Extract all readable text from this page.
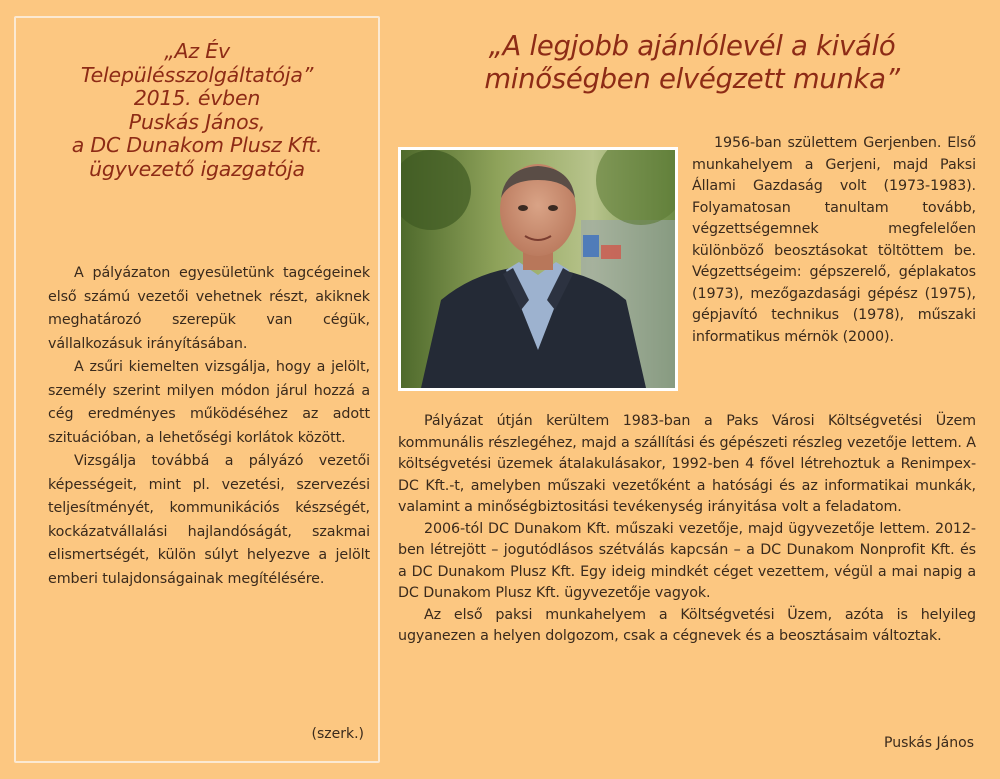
„Az Év
Településszolgáltatója”
2015. évben
Puskás János,
a DC Dunakom Plusz Kft.
ügyvezető igazgatója

A pályázaton egyesületünk tagcégeinek első számú vezetői vehetnek részt, akiknek meghatározó szerepük van cégük, vállalkozásuk irányításában.

A zsűri kiemelten vizsgálja, hogy a jelölt, személy szerint milyen módon járul hozzá a cég eredményes működéséhez az adott szituációban, a lehetőségi korlátok között.

Vizsgálja továbbá a pályázó vezetői képességeit, mint pl. vezetési, szervezési teljesítményét, kommunikációs készségét, kockázatvállalási hajlandóságát, szakmai elismertségét, külön súlyt helyezve a jelölt emberi tulajdonságainak megítélésére.

(szerk.)
„A legjobb ajánlólevél a kiváló
minőségben elvégzett munka”

1956-ban születtem Gerjenben. Első munkahelyem a Gerjeni, majd Paksi Állami Gazdaság volt (1973-1983). Folyamatosan tanultam tovább, végzettségemnek megfelelően különböző beosztásokat töltöttem be. Végzettségeim: gépszerelő, géplakatos (1973), mezőgazdasági gépész (1975), gépjavító technikus (1978), műszaki informatikus mérnök (2000).

Pályázat útján kerültem 1983-ban a Paks Városi Költségvetési Üzem kommunális részlegéhez, majd a szállítási és gépészeti részleg vezetője lettem. A költségvetési üzemek átalakulásakor, 1992-ben 4 fővel létrehoztuk a Renimpex-DC Kft.-t, amelyben műszaki vezetőként a hatósági és az informatikai munkák, valamint a minőségbiztositási tevékenység irányitása volt a feladatom.

2006-tól DC Dunakom Kft. műszaki vezetője, majd ügyvezetője lettem. 2012-ben létrejött – jogutódlásos szétválás kapcsán – a DC Dunakom Nonprofit Kft. és a DC Dunakom Plusz Kft. Egy ideig mindkét céget vezettem, végül a mai napig a DC Dunakom Plusz Kft. ügyvezetője vagyok.

Az első paksi munkahelyem a Költségvetési Üzem, azóta is helyileg ugyanezen a helyen dolgozom, csak a cégnevek és a beosztásaim változtak.

Puskás János
